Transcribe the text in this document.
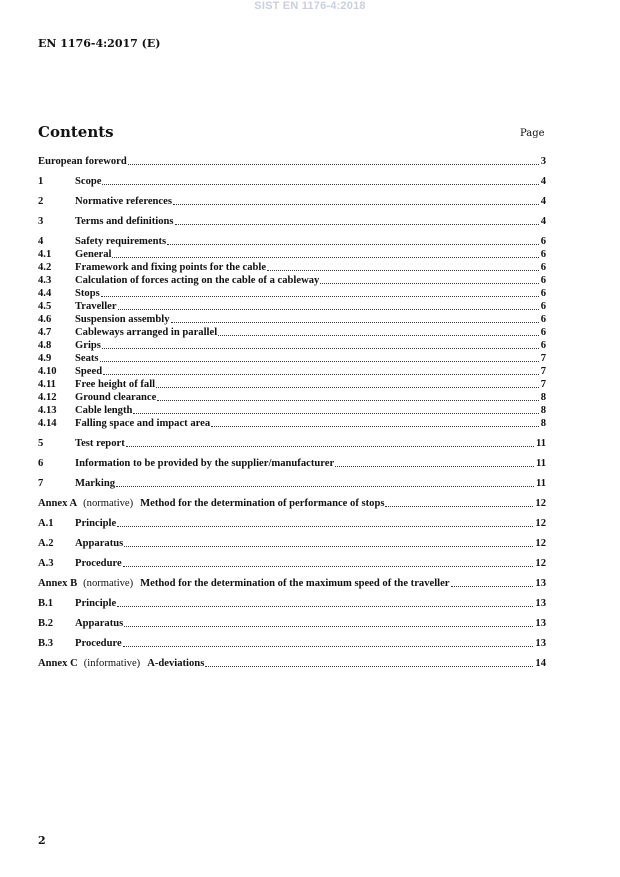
SIST EN 1176-4:2018
EN 1176-4:2017 (E)
Contents	Page
European foreword	3
1	Scope	4
2	Normative references	4
3	Terms and definitions	4
4	Safety requirements	6
4.1	General	6
4.2	Framework and fixing points for the cable	6
4.3	Calculation of forces acting on the cable of a cableway	6
4.4	Stops	6
4.5	Traveller	6
4.6	Suspension assembly	6
4.7	Cableways arranged in parallel	6
4.8	Grips	6
4.9	Seats	7
4.10	Speed	7
4.11	Free height of fall	7
4.12	Ground clearance	8
4.13	Cable length	8
4.14	Falling space and impact area	8
5	Test report	11
6	Information to be provided by the supplier/manufacturer	11
7	Marking	11
Annex A (normative) Method for the determination of performance of stops	12
A.1	Principle	12
A.2	Apparatus	12
A.3	Procedure	12
Annex B (normative) Method for the determination of the maximum speed of the traveller	13
B.1	Principle	13
B.2	Apparatus	13
B.3	Procedure	13
Annex C (informative) A-deviations	14
2
